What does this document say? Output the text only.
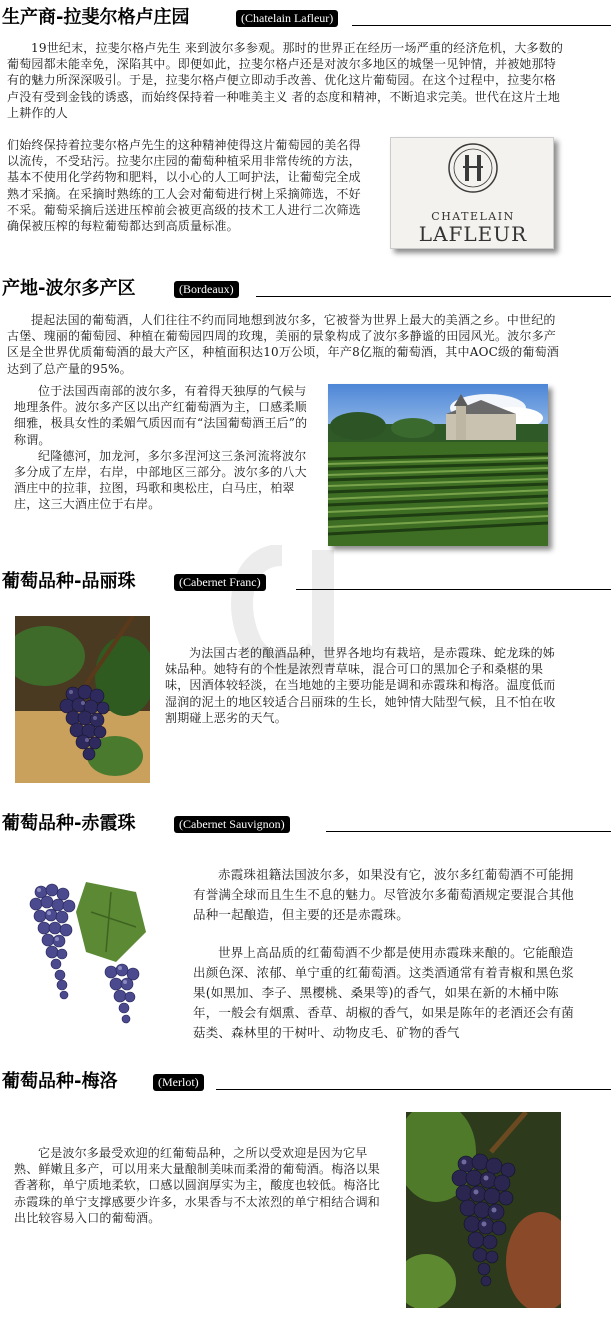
生产商-拉斐尔格卢庄园	(Chatelain Lafleur)

19世纪末，拉斐尔格卢先生 来到波尔多参观。那时的世界正在经历一场严重的经济危机，大多数的葡萄园都未能幸免，深陷其中。即便如此，拉斐尔格卢还是对波尔多地区的城堡一见钟情，并被她那特有的魅力所深深吸引。于是，拉斐尔格卢便立即动手改善、优化这片葡萄园。在这个过程中，拉斐尔格卢没有受到金钱的诱惑，而始终保持着一种唯美主义 者的态度和精神，不断追求完美。世代在这片土地上耕作的人

们始终保持着拉斐尔格卢先生的这种精神使得这片葡萄园的美名得以流传，不受玷污。拉斐尔庄园的葡萄种植采用非常传统的方法，基本不使用化学药物和肥料，以小心的人工呵护法，让葡萄完全成熟才采摘。在采摘时熟练的工人会对葡萄进行树上采摘筛选，不好不采。葡萄采摘后送进压榨前会被更高级的技术工人进行二次筛选确保被压榨的每粒葡萄都达到高质量标准。

CHATELAIN
LAFLEUR
产地-波尔多产区	(Bordeaux)

提起法国的葡萄酒，人们往往不约而同地想到波尔多，它被誉为世界上最大的美酒之乡。中世纪的古堡、瑰丽的葡萄园、种植在葡萄园四周的玫瑰，美丽的景象构成了波尔多静谧的田园风光。波尔多产区是全世界优质葡萄酒的最大产区，种植面积达10万公顷，年产8亿瓶的葡萄酒，其中AOC级的葡萄酒达到了总产量的95%。

位于法国西南部的波尔多，有着得天独厚的气候与地理条件。波尔多产区以出产红葡萄酒为主，口感柔顺细雅，极具女性的柔媚气质因而有“法国葡萄酒王后”的称谓。

纪隆德河，加龙河，多尔多涅河这三条河流将波尔多分成了左岸，右岸，中部地区三部分。波尔多的八大酒庄中的拉菲，拉图，玛歌和奥松庄，白马庄，柏翠庄，这三大酒庄位于右岸。

葡萄品种-品丽珠	(Cabernet Franc)

为法国古老的酿酒品种，世界各地均有栽培，是赤霞珠、蛇龙珠的姊妹品种。她特有的个性是浓烈青草味，混合可口的黑加仑子和桑椹的果味，因酒体较轻淡，在当地她的主要功能是调和赤霞珠和梅洛。温度低而湿润的泥土的地区较适合吕丽珠的生长，她钟情大陆型气候，且不怕在收割期碰上恶劣的天气。

葡萄品种-赤霞珠	(Cabernet Sauvignon)

赤霞珠祖籍法国波尔多，如果没有它，波尔多红葡萄酒不可能拥有誉满全球而且生生不息的魅力。尽管波尔多葡萄酒规定要混合其他品种一起酿造，但主要的还是赤霞珠。

世界上高品质的红葡萄酒不少都是使用赤霞珠来酿的。它能酿造出颜色深、浓郁、单宁重的红葡萄酒。这类酒通常有着青椒和黑色浆果(如黑加、李子、黑樱桃、桑果等)的香气，如果在新的木桶中陈年，一般会有烟熏、香草、胡椒的香气，如果是陈年的老酒还会有菌菇类、森林里的干树叶、动物皮毛、矿物的香气

葡萄品种-梅洛	(Merlot)

它是波尔多最受欢迎的红葡萄品种，之所以受欢迎是因为它早熟、鲜嫩且多产，可以用来大量酿制美味而柔滑的葡萄酒。梅洛以果香著称，单宁质地柔软，口感以圆润厚实为主，酸度也较低。梅洛比赤霞珠的单宁支撑感要少许多，水果香与不太浓烈的单宁相结合调和出比较容易入口的葡萄酒。
